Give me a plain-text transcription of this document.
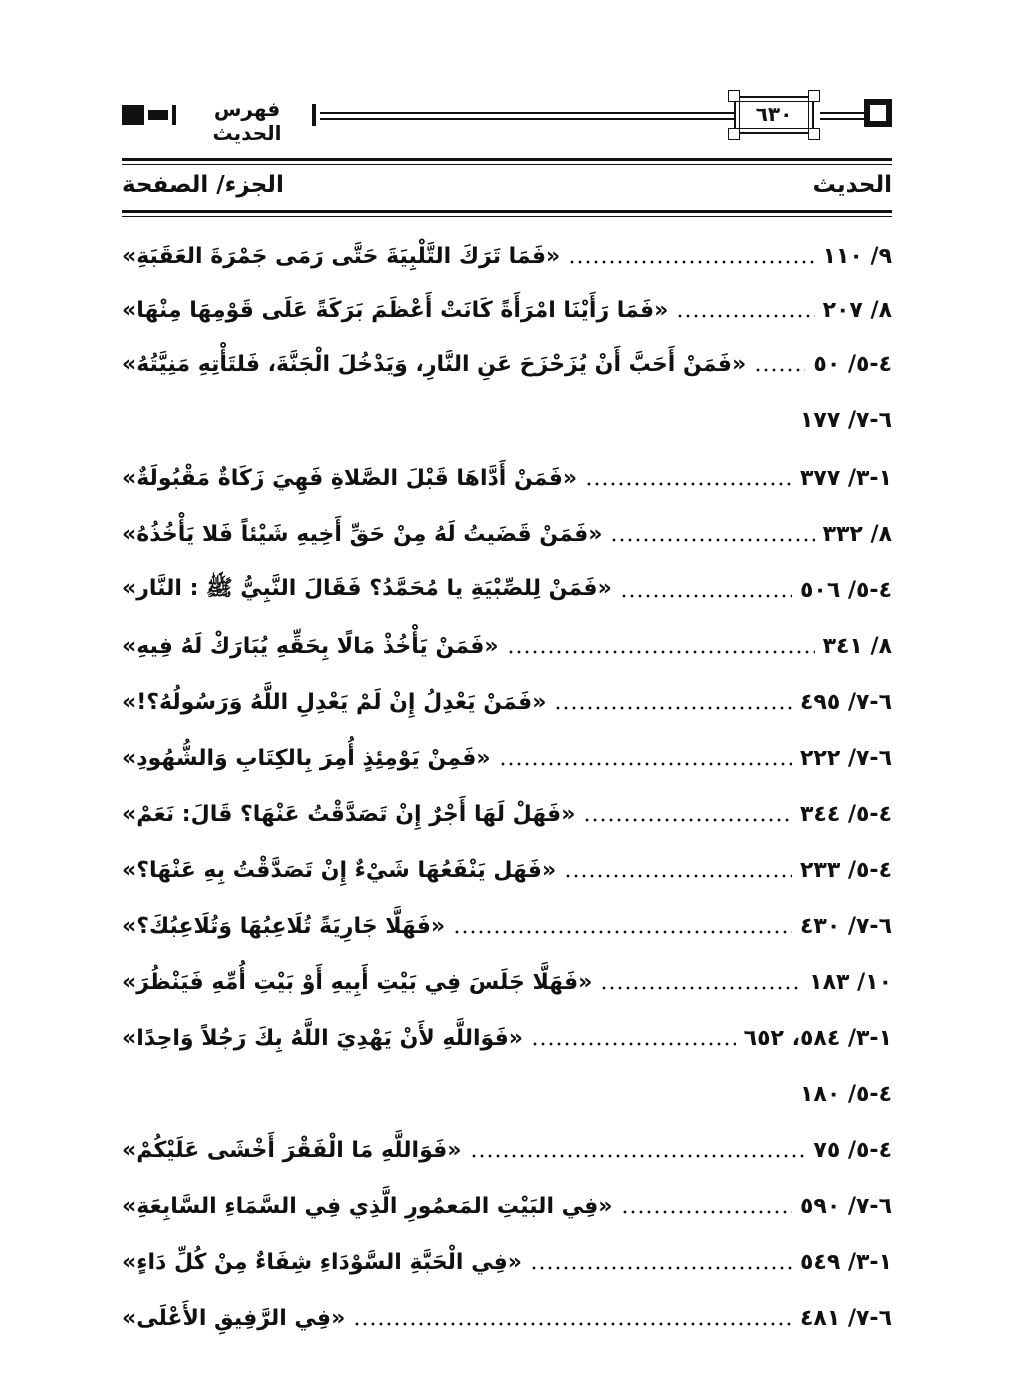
فهرس الحديث
٦٣٠
الحديث
الجزء/ الصفحة
«فَمَا تَرَكَ التَّلْبِيَةَ حَتَّى رَمَى جَمْرَةَ العَقَبَةِ»	٩/ ١١٠
«فَمَا رَأَيْنَا امْرَأَةً كَانَتْ أَعْظَمَ بَرَكَةً عَلَى قَوْمِهَا مِنْهَا»	٨/ ٢٠٧
«فَمَنْ أَحَبَّ أَنْ يُزَحْزَحَ عَنِ النَّارِ، وَيَدْخُلَ الْجَنَّةَ، فَلتَأْتِهِ مَنِيَّتُهُ»	٤-٥/ ٥٠
٦-٧/ ١٧٧
«فَمَنْ أَدَّاهَا قَبْلَ الصَّلاةِ فَهِيَ زَكَاةٌ مَقْبُولَةٌ»	١-٣/ ٣٧٧
«فَمَنْ قَضَيتُ لَهُ مِنْ حَقِّ أَخِيهِ شَيْئاً فَلا يَأْخُذُهُ»	٨/ ٣٣٢
«فَمَنْ لِلصِّبْيَةِ يا مُحَمَّدُ؟ فَقَالَ النَّبِيُّ ﷺ : النَّار»	٤-٥/ ٥٠٦
«فَمَنْ يَأْخُذْ مَالًا بِحَقِّهِ يُبَارَكْ لَهُ فِيهِ»	٨/ ٣٤١
«فَمَنْ يَعْدِلُ إِنْ لَمْ يَعْدِلِ اللَّهُ وَرَسُولُهُ؟!»	٦-٧/ ٤٩٥
«فَمِنْ يَوْمِئِذٍ أُمِرَ بِالكِتَابِ وَالشُّهُودِ»	٦-٧/ ٢٢٢
«فَهَلْ لَهَا أَجْرٌ إِنْ تَصَدَّقْتُ عَنْهَا؟ قَالَ: نَعَمْ»	٤-٥/ ٣٤٤
«فَهَل يَنْفَعُهَا شَيْءٌ إِنْ تَصَدَّقْتُ بِهِ عَنْهَا؟»	٤-٥/ ٢٣٣
«فَهَلَّا جَارِيَةً تُلَاعِبُهَا وَتُلَاعِبُكَ؟»	٦-٧/ ٤٣٠
«فَهَلَّا جَلَسَ فِي بَيْتِ أَبِيهِ أَوْ بَيْتِ أُمِّهِ فَيَنْظُرَ»	١٠/ ١٨٣
«فَوَاللَّهِ لأَنْ يَهْدِيَ اللَّهُ بِكَ رَجُلاً وَاحِدًا»	١-٣/ ٥٨٤، ٦٥٢
٤-٥/ ١٨٠
«فَوَاللَّهِ مَا الْفَقْرَ أَخْشَى عَلَيْكُمْ»	٤-٥/ ٧٥
«فِي البَيْتِ المَعمُورِ الَّذِي فِي السَّمَاءِ السَّابِعَةِ»	٦-٧/ ٥٩٠
«فِي الْحَبَّةِ السَّوْدَاءِ شِفَاءٌ مِنْ كُلِّ دَاءٍ»	١-٣/ ٥٤٩
«فِي الرَّفِيقِ الأَعْلَى»	٦-٧/ ٤٨١
